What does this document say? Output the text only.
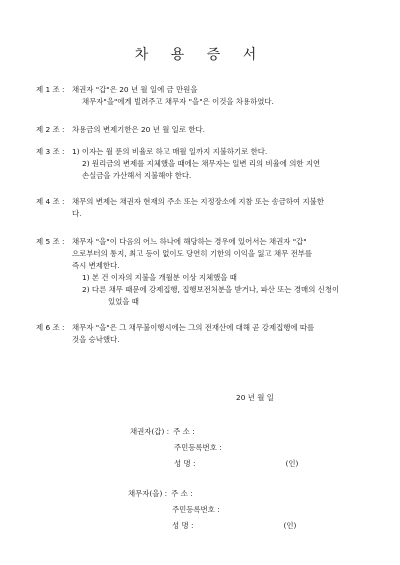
차 용 증 서
제 1 조 :	채권자 "갑"은 20 년 월 일에 금 만원을
채무자"을"에게 빌려주고 채무자 "을"은 이것을 차용하였다.
제 2 조 :	차용금의 변제기한은 20 년 월 일로 한다.
제 3 조 :	1) 이자는 월 푼의 비율로 하고 매월 일까지 지불하기로 한다.
2) 원리금의 변제를 지체했을 때에는 채무자는 일변 리의 비율에 의한 지연
손실금을 가산해서 지불해야 한다.
제 4 조 :	채무의 변제는 채권자 현재의 주소 또는 지정장소에 지참 또는 송금하여 지불한
다.
제 5 조 :	채무자 "을"이 다음의 어느 하나에 해당하는 경우에 있어서는 채권자 "갑"
으로부터의 통지, 최고 등이 없이도 당연히 기한의 이익을 잃고 채무 전부를
즉시 변제한다.
1) 본 건 이자의 지불을 개월분 이상 지체했을 때
2) 다른 채무 때문에 강제집행, 집행보전처분을 받거나, 파산 또는 경매의 신청이
있었을 때
제 6 조 :	채무자 "을"은 그 채무불이행시에는 그의 전재산에 대해 곧 강제집행에 따를
것을 승낙했다.
20 년 월 일
채권자(갑) : 주 소 :
주민등록번호 :
성 명 :	(인)
채무자(을) : 주 소 :
주민등록번호 :
성 명 :	(인)
